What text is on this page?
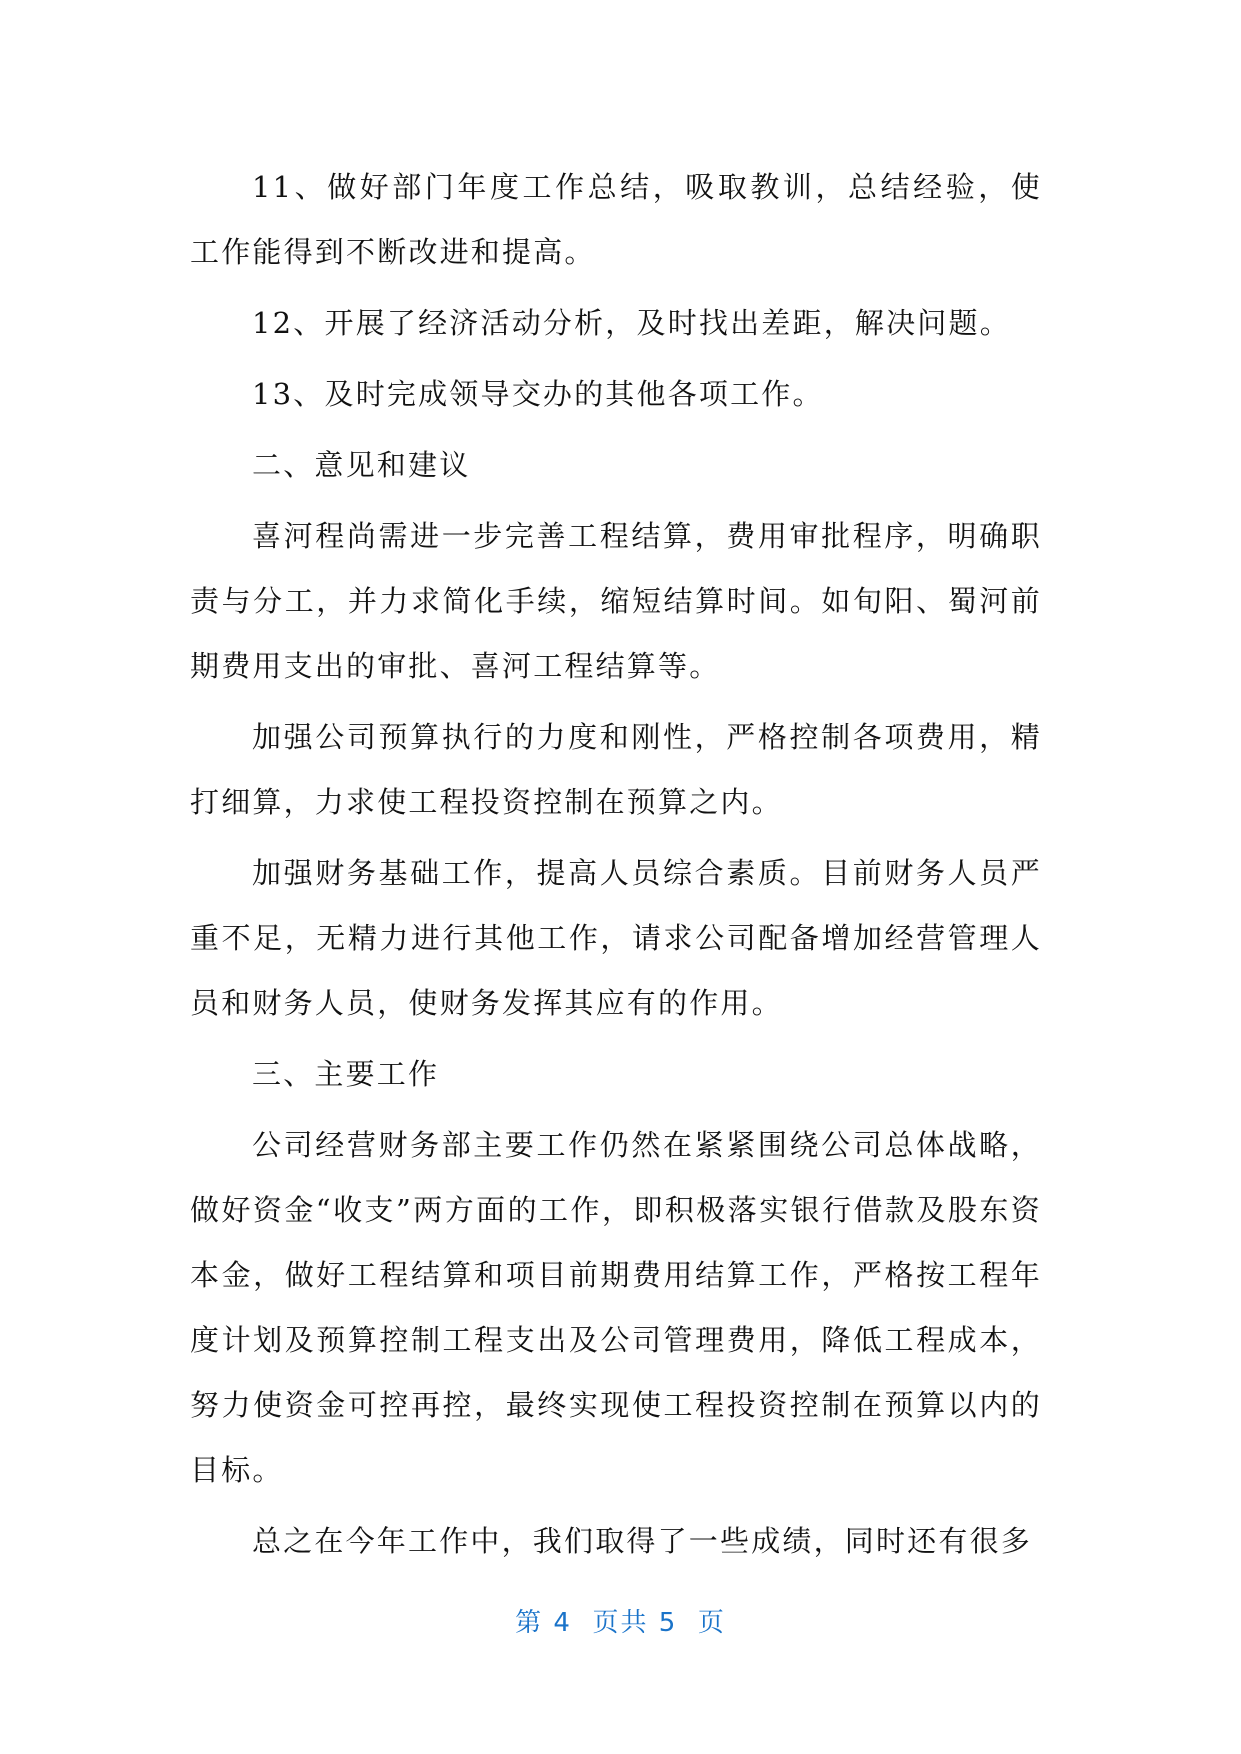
11、做好部门年度工作总结，吸取教训，总结经验，使工作能得到不断改进和提高。

12、开展了经济活动分析，及时找出差距，解决问题。

13、及时完成领导交办的其他各项工作。

二、意见和建议

喜河程尚需进一步完善工程结算，费用审批程序，明确职责与分工，并力求简化手续，缩短结算时间。如旬阳、蜀河前期费用支出的审批、喜河工程结算等。

加强公司预算执行的力度和刚性，严格控制各项费用，精打细算，力求使工程投资控制在预算之内。

加强财务基础工作，提高人员综合素质。目前财务人员严重不足，无精力进行其他工作，请求公司配备增加经营管理人员和财务人员，使财务发挥其应有的作用。

三、主要工作

公司经营财务部主要工作仍然在紧紧围绕公司总体战略，做好资金“收支”两方面的工作，即积极落实银行借款及股东资本金，做好工程结算和项目前期费用结算工作，严格按工程年度计划及预算控制工程支出及公司管理费用，降低工程成本，努力使资金可控再控，最终实现使工程投资控制在预算以内的目标。

总之在今年工作中，我们取得了一些成绩，同时还有很多

第 4  页共 5  页
